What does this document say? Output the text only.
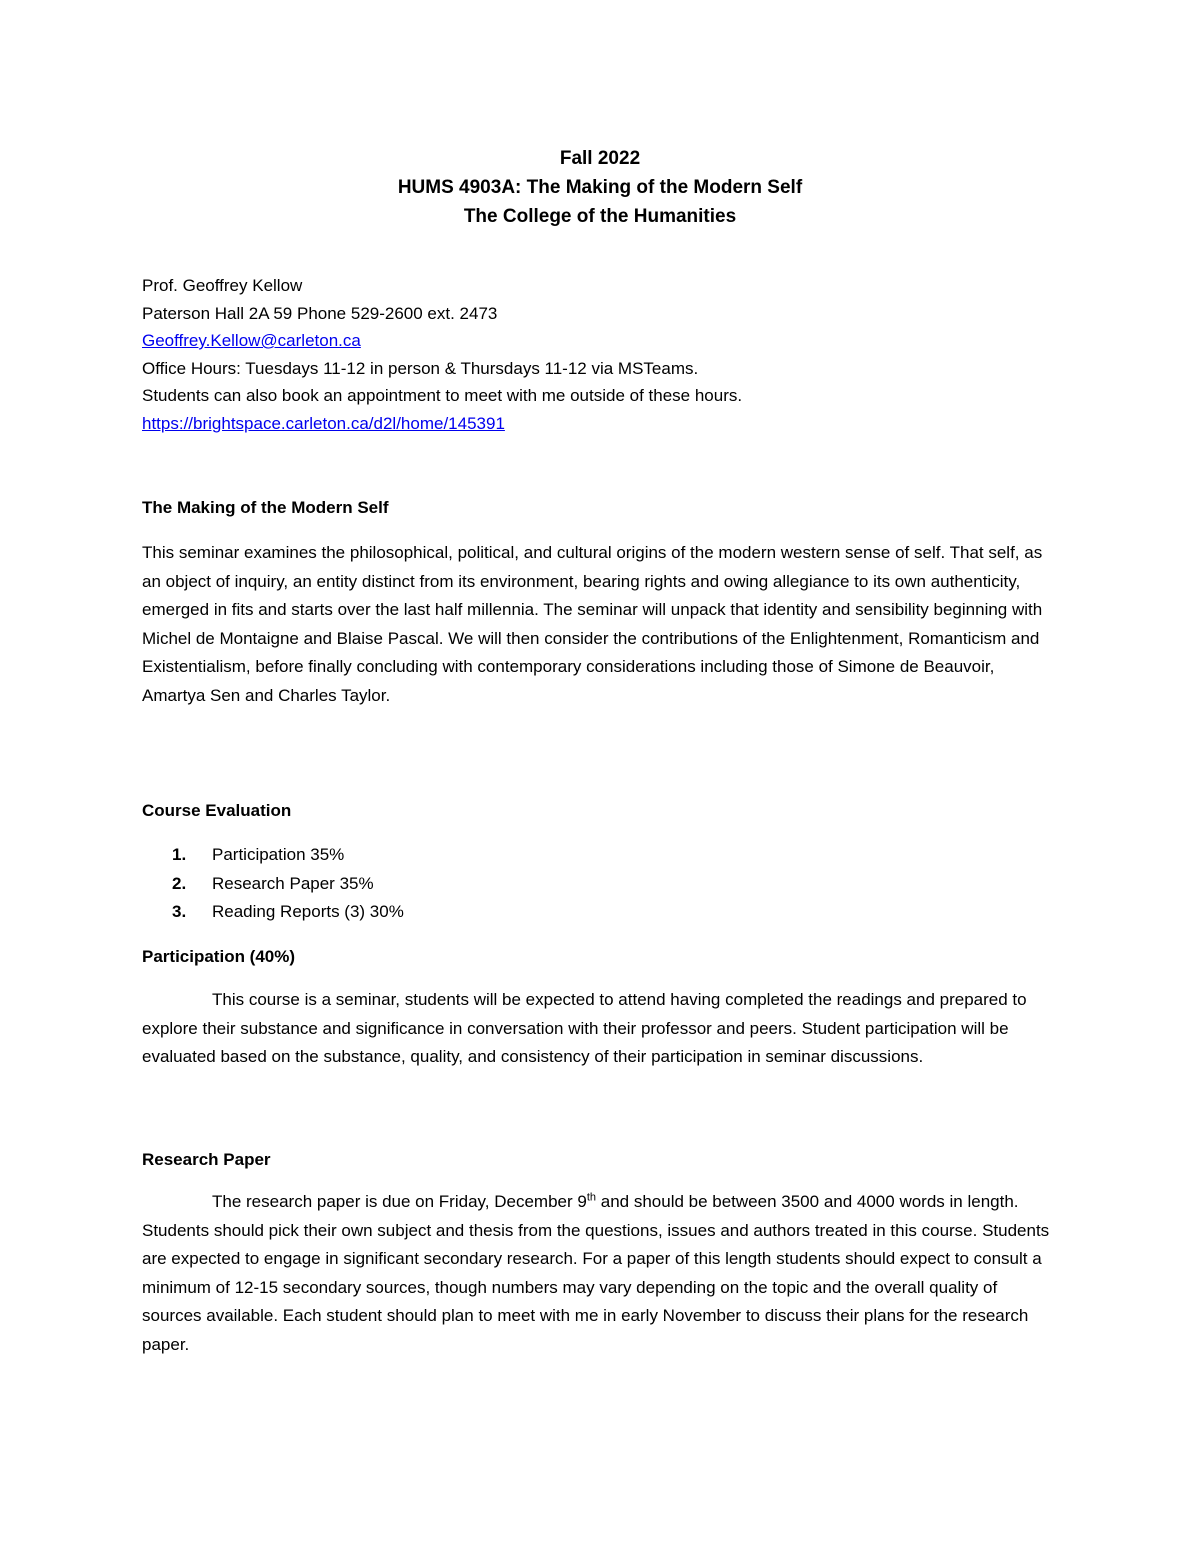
Fall 2022
HUMS 4903A: The Making of the Modern Self
The College of the Humanities
Prof. Geoffrey Kellow
Paterson Hall 2A 59 Phone 529-2600 ext. 2473
Geoffrey.Kellow@carleton.ca
Office Hours: Tuesdays 11-12 in person & Thursdays 11-12 via MSTeams.
Students can also book an appointment to meet with me outside of these hours.
https://brightspace.carleton.ca/d2l/home/145391
The Making of the Modern Self
This seminar examines the philosophical, political, and cultural origins of the modern western sense of self. That self, as an object of inquiry, an entity distinct from its environment, bearing rights and owing allegiance to its own authenticity, emerged in fits and starts over the last half millennia. The seminar will unpack that identity and sensibility beginning with Michel de Montaigne and Blaise Pascal. We will then consider the contributions of the Enlightenment, Romanticism and Existentialism, before finally concluding with contemporary considerations including those of Simone de Beauvoir, Amartya Sen and Charles Taylor.
Course Evaluation
1. Participation 35%
2. Research Paper 35%
3. Reading Reports (3) 30%
Participation (40%)
This course is a seminar, students will be expected to attend having completed the readings and prepared to explore their substance and significance in conversation with their professor and peers. Student participation will be evaluated based on the substance, quality, and consistency of their participation in seminar discussions.
Research Paper
The research paper is due on Friday, December 9th and should be between 3500 and 4000 words in length. Students should pick their own subject and thesis from the questions, issues and authors treated in this course. Students are expected to engage in significant secondary research. For a paper of this length students should expect to consult a minimum of 12-15 secondary sources, though numbers may vary depending on the topic and the overall quality of sources available. Each student should plan to meet with me in early November to discuss their plans for the research paper.
